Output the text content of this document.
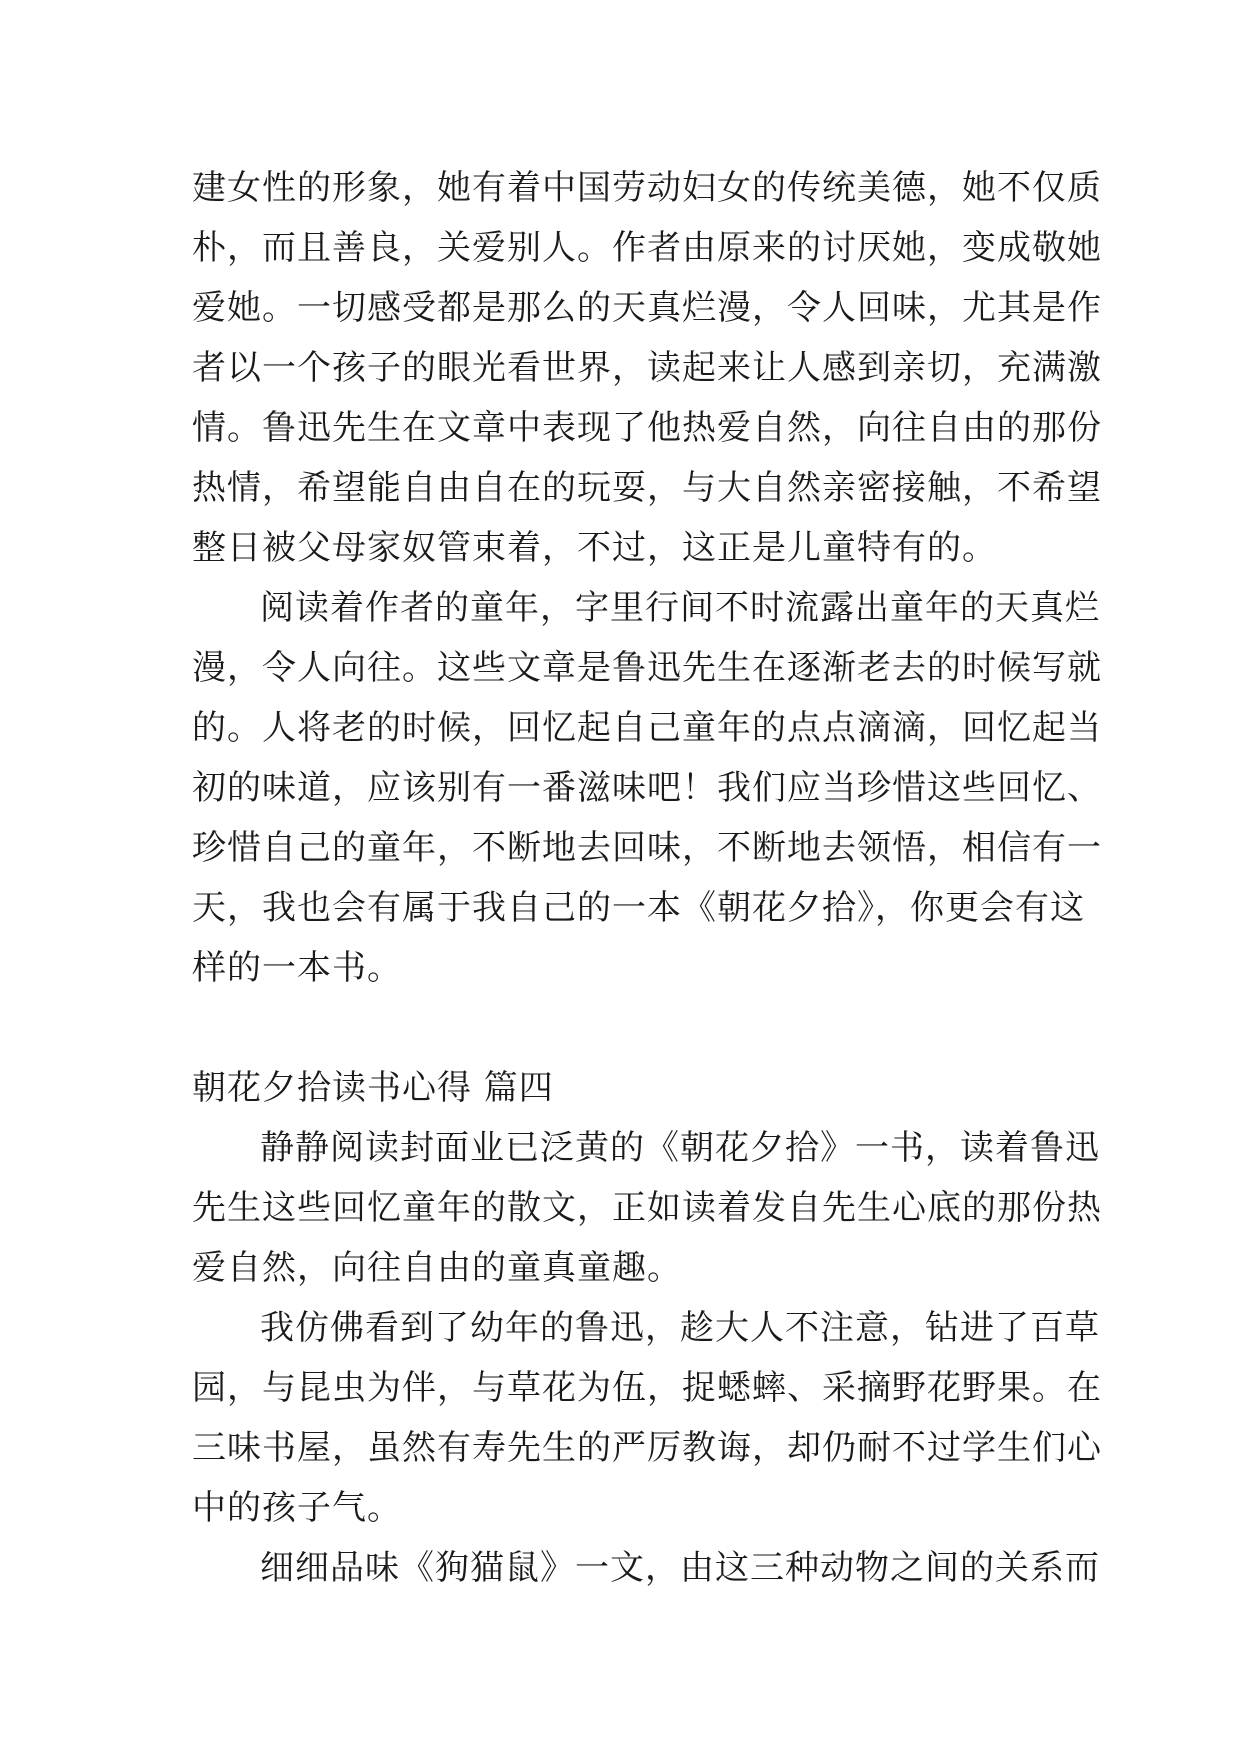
建女性的形象，她有着中国劳动妇女的传统美德，她不仅质
朴，而且善良，关爱别人。作者由原来的讨厌她，变成敬她
爱她。一切感受都是那么的天真烂漫，令人回味，尤其是作
者以一个孩子的眼光看世界，读起来让人感到亲切，充满激
情。鲁迅先生在文章中表现了他热爱自然，向往自由的那份
热情，希望能自由自在的玩耍，与大自然亲密接触，不希望
整日被父母家奴管束着，不过，这正是儿童特有的。
阅读着作者的童年，字里行间不时流露出童年的天真烂
漫，令人向往。这些文章是鲁迅先生在逐渐老去的时候写就
的。人将老的时候，回忆起自己童年的点点滴滴，回忆起当
初的味道，应该别有一番滋味吧！我们应当珍惜这些回忆、
珍惜自己的童年，不断地去回味，不断地去领悟，相信有一
天，我也会有属于我自己的一本《朝花夕拾》，你更会有这
样的一本书。
朝花夕拾读书心得 篇四
静静阅读封面业已泛黄的《朝花夕拾》一书，读着鲁迅
先生这些回忆童年的散文，正如读着发自先生心底的那份热
爱自然，向往自由的童真童趣。
我仿佛看到了幼年的鲁迅，趁大人不注意，钻进了百草
园，与昆虫为伴，与草花为伍，捉蟋蟀、采摘野花野果。在
三味书屋，虽然有寿先生的严厉教诲，却仍耐不过学生们心
中的孩子气。
细细品味《狗猫鼠》一文，由这三种动物之间的关系而
